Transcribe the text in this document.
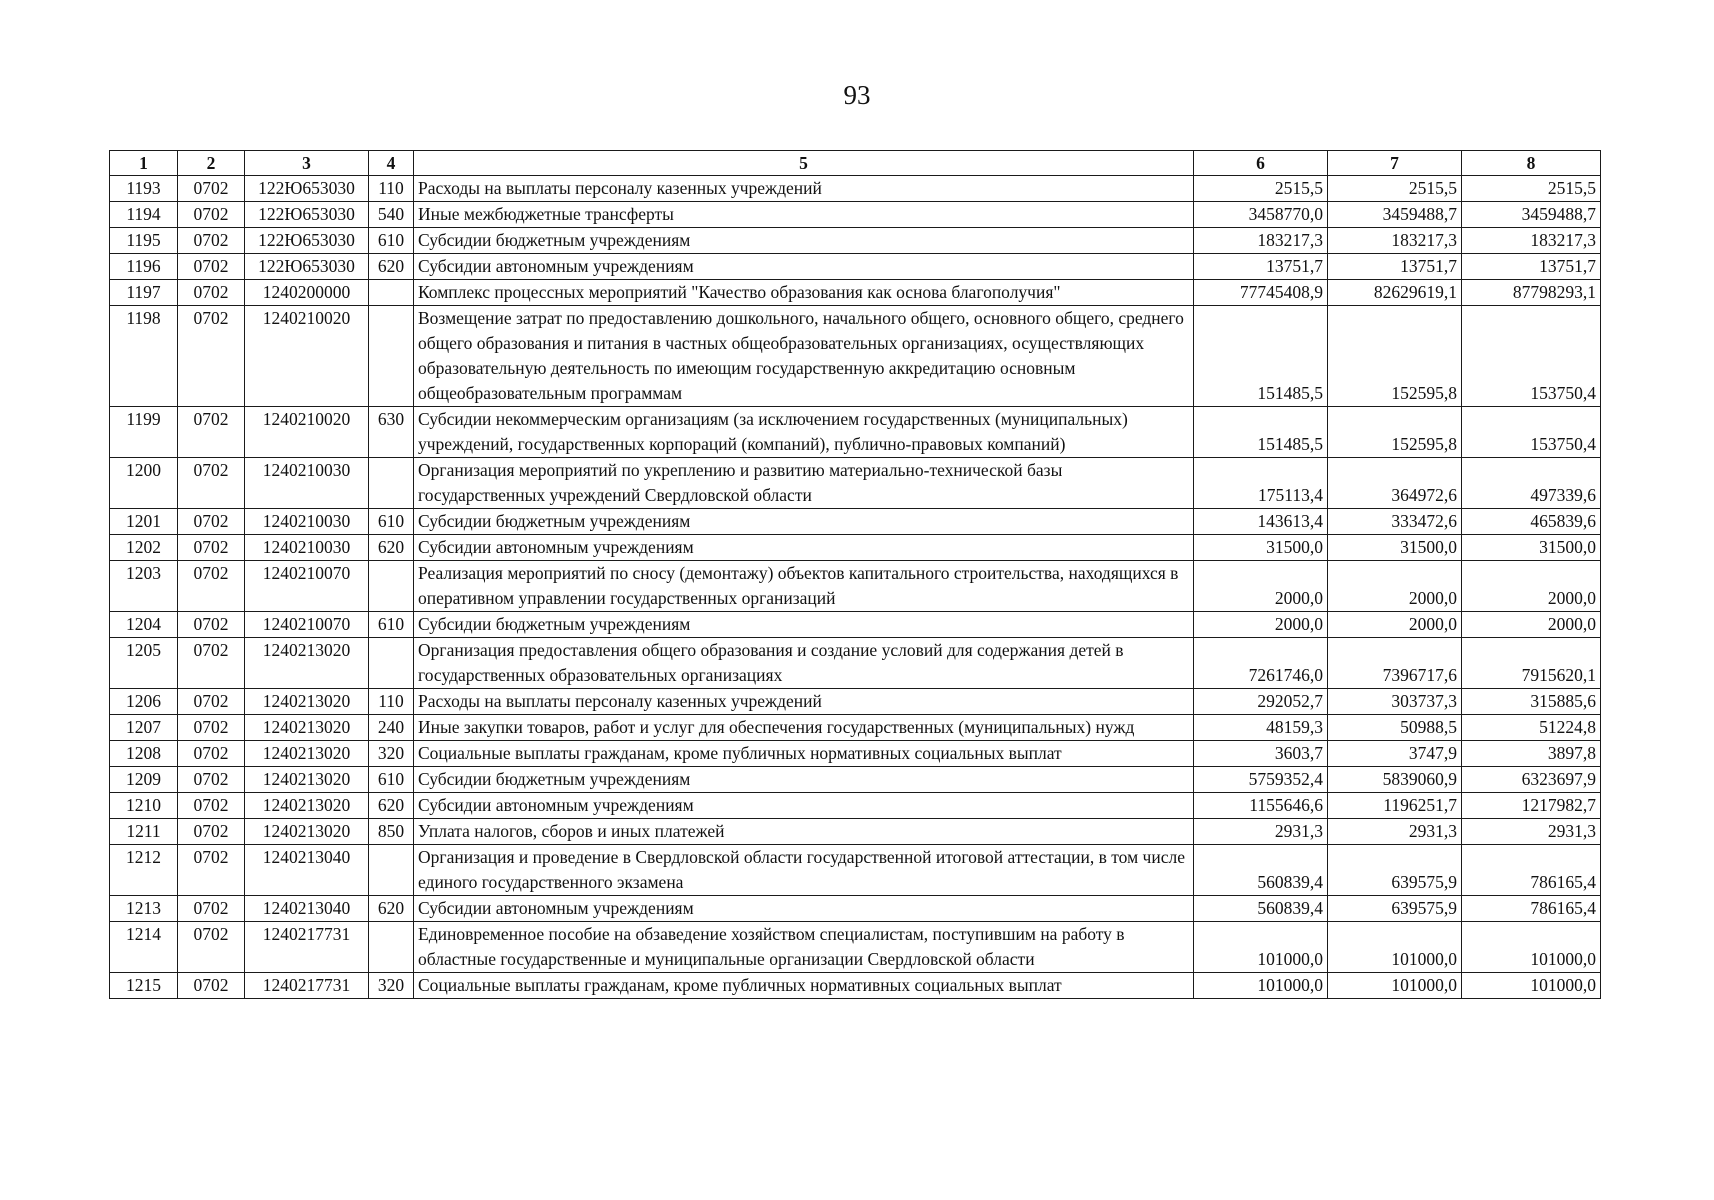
93
1	2	3	4	5	6	7	8
1193	0702	122Ю653030	110	Расходы на выплаты персоналу казенных учреждений	2515,5	2515,5	2515,5
1194	0702	122Ю653030	540	Иные межбюджетные трансферты	3458770,0	3459488,7	3459488,7
1195	0702	122Ю653030	610	Субсидии бюджетным учреждениям	183217,3	183217,3	183217,3
1196	0702	122Ю653030	620	Субсидии автономным учреждениям	13751,7	13751,7	13751,7
1197	0702	1240200000		Комплекс процессных мероприятий "Качество образования как основа благополучия"	77745408,9	82629619,1	87798293,1
1198	0702	1240210020		Возмещение затрат по предоставлению дошкольного, начального общего, основного общего, среднего общего образования и питания в частных общеобразовательных организациях, осуществляющих образовательную деятельность по имеющим государственную аккредитацию основным общеобразовательным программам	151485,5	152595,8	153750,4
1199	0702	1240210020	630	Субсидии некоммерческим организациям (за исключением государственных (муниципальных) учреждений, государственных корпораций (компаний), публично-правовых компаний)	151485,5	152595,8	153750,4
1200	0702	1240210030		Организация мероприятий по укреплению и развитию материально-технической базы государственных учреждений Свердловской области	175113,4	364972,6	497339,6
1201	0702	1240210030	610	Субсидии бюджетным учреждениям	143613,4	333472,6	465839,6
1202	0702	1240210030	620	Субсидии автономным учреждениям	31500,0	31500,0	31500,0
1203	0702	1240210070		Реализация мероприятий по сносу (демонтажу) объектов капитального строительства, находящихся в оперативном управлении государственных организаций	2000,0	2000,0	2000,0
1204	0702	1240210070	610	Субсидии бюджетным учреждениям	2000,0	2000,0	2000,0
1205	0702	1240213020		Организация предоставления общего образования и создание условий для содержания детей в государственных образовательных организациях	7261746,0	7396717,6	7915620,1
1206	0702	1240213020	110	Расходы на выплаты персоналу казенных учреждений	292052,7	303737,3	315885,6
1207	0702	1240213020	240	Иные закупки товаров, работ и услуг для обеспечения государственных (муниципальных) нужд	48159,3	50988,5	51224,8
1208	0702	1240213020	320	Социальные выплаты гражданам, кроме публичных нормативных социальных выплат	3603,7	3747,9	3897,8
1209	0702	1240213020	610	Субсидии бюджетным учреждениям	5759352,4	5839060,9	6323697,9
1210	0702	1240213020	620	Субсидии автономным учреждениям	1155646,6	1196251,7	1217982,7
1211	0702	1240213020	850	Уплата налогов, сборов и иных платежей	2931,3	2931,3	2931,3
1212	0702	1240213040		Организация и проведение в Свердловской области государственной итоговой аттестации, в том числе единого государственного экзамена	560839,4	639575,9	786165,4
1213	0702	1240213040	620	Субсидии автономным учреждениям	560839,4	639575,9	786165,4
1214	0702	1240217731		Единовременное пособие на обзаведение хозяйством специалистам, поступившим на работу в областные государственные и муниципальные организации Свердловской области	101000,0	101000,0	101000,0
1215	0702	1240217731	320	Социальные выплаты гражданам, кроме публичных нормативных социальных выплат	101000,0	101000,0	101000,0
